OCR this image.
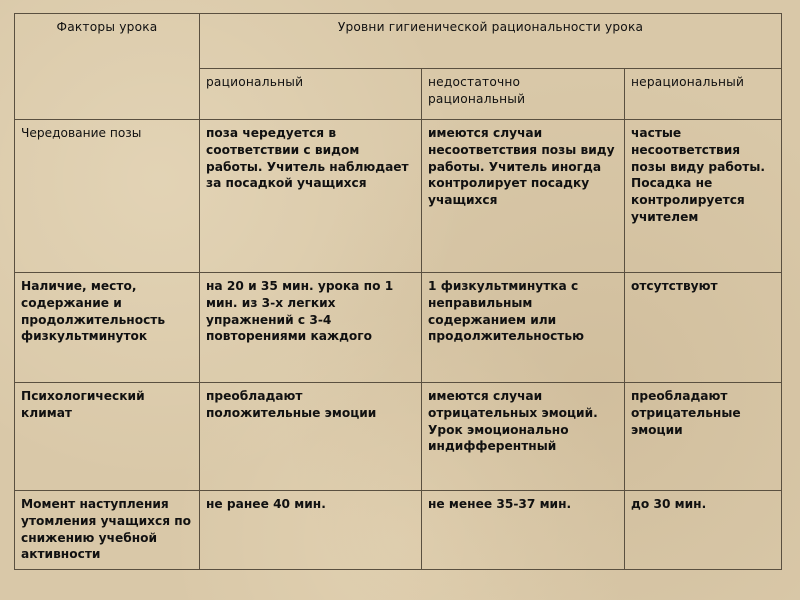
Факторы урока	Уровни гигиенической рациональности урока		
	рациональный	недостаточно рациональный	нерациональный
Чередование позы	поза чередуется в соответствии с видом работы. Учитель наблюдает за посадкой учащихся	имеются случаи несоответствия позы виду работы. Учитель иногда контролирует посадку учащихся	частые несоответствия позы виду работы. Посадка не контролируется учителем
Наличие, место, содержание и продолжительность физкультминуток	на 20 и 35 мин. урока по 1 мин. из 3-х легких упражнений с 3-4 повторениями каждого	1 физкультминутка с неправильным содержанием или продолжительностью	отсутствуют
Психологический климат	преобладают положительные эмоции	имеются случаи отрицательных эмоций. Урок эмоционально индифферентный	преобладают отрицательные эмоции
Момент наступления утомления учащихся по снижению учебной активности	не ранее 40 мин.	не менее 35-37 мин.	до 30 мин.
